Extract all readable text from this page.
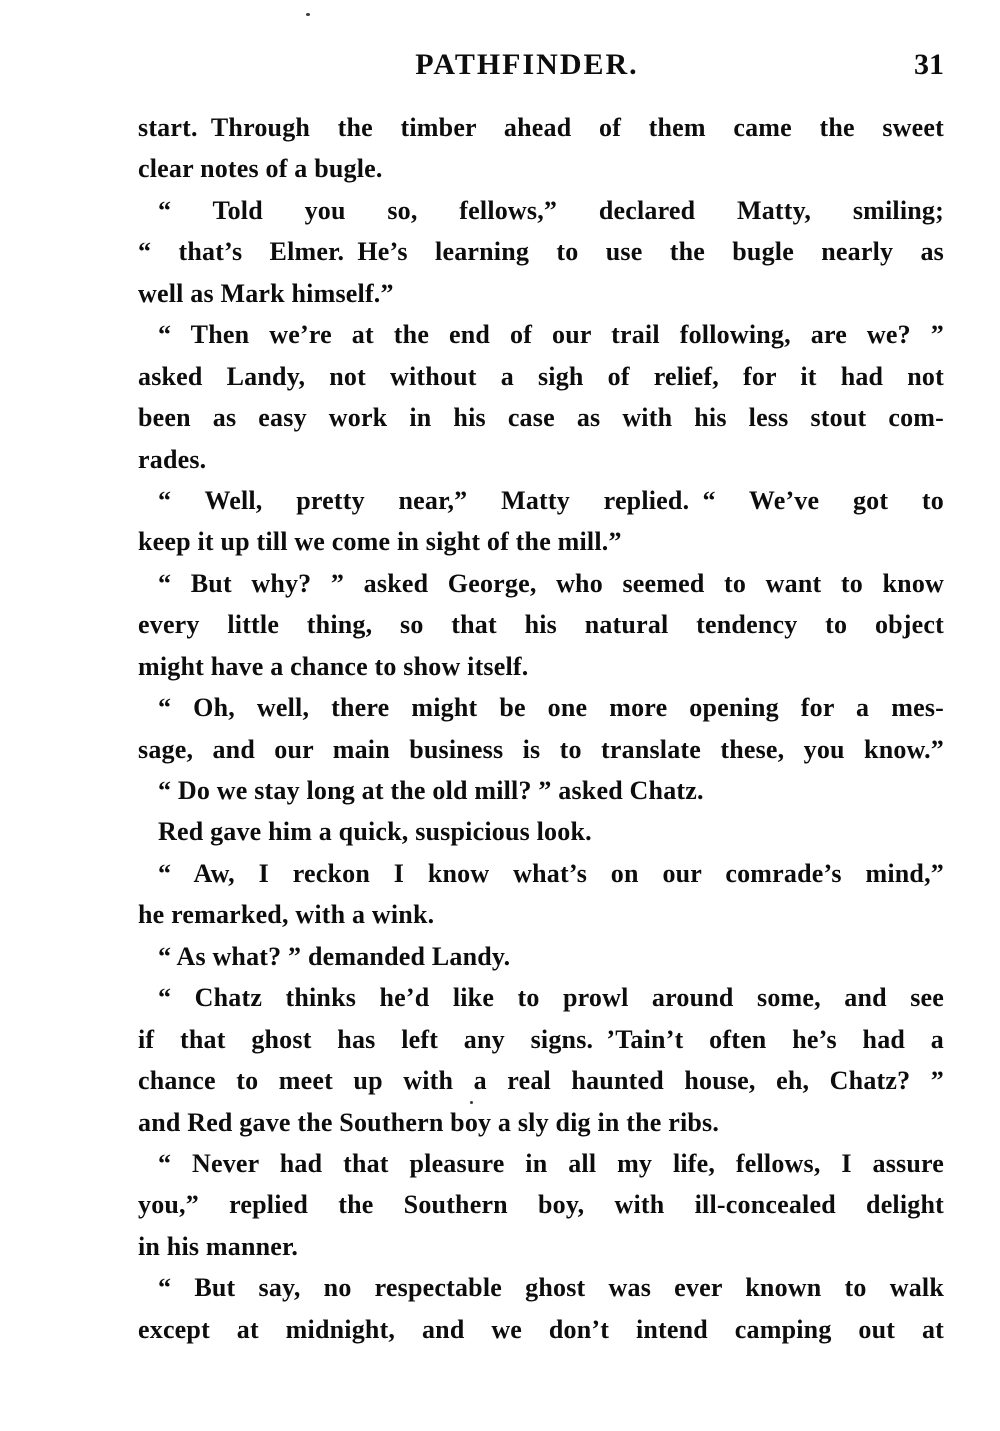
PATHFINDER.	31
start. Through the timber ahead of them came the sweet
clear notes of a bugle.
“ Told you so, fellows,” declared Matty, smiling;
“ that’s Elmer. He’s learning to use the bugle nearly as
well as Mark himself.”
“ Then we’re at the end of our trail following, are we? ”
asked Landy, not without a sigh of relief, for it had not
been as easy work in his case as with his less stout com-
rades.
“ Well, pretty near,” Matty replied. “ We’ve got to
keep it up till we come in sight of the mill.”
“ But why? ” asked George, who seemed to want to know
every little thing, so that his natural tendency to object
might have a chance to show itself.
“ Oh, well, there might be one more opening for a mes-
sage, and our main business is to translate these, you know.”
“ Do we stay long at the old mill? ” asked Chatz.
Red gave him a quick, suspicious look.
“ Aw, I reckon I know what’s on our comrade’s mind,”
he remarked, with a wink.
“ As what? ” demanded Landy.
“ Chatz thinks he’d like to prowl around some, and see
if that ghost has left any signs. ’Tain’t often he’s had a
chance to meet up with a real haunted house, eh, Chatz? ”
and Red gave the Southern boy a sly dig in the ribs.
“ Never had that pleasure in all my life, fellows, I assure
you,” replied the Southern boy, with ill-concealed delight
in his manner.
“ But say, no respectable ghost was ever known to walk
except at midnight, and we don’t intend camping out at
